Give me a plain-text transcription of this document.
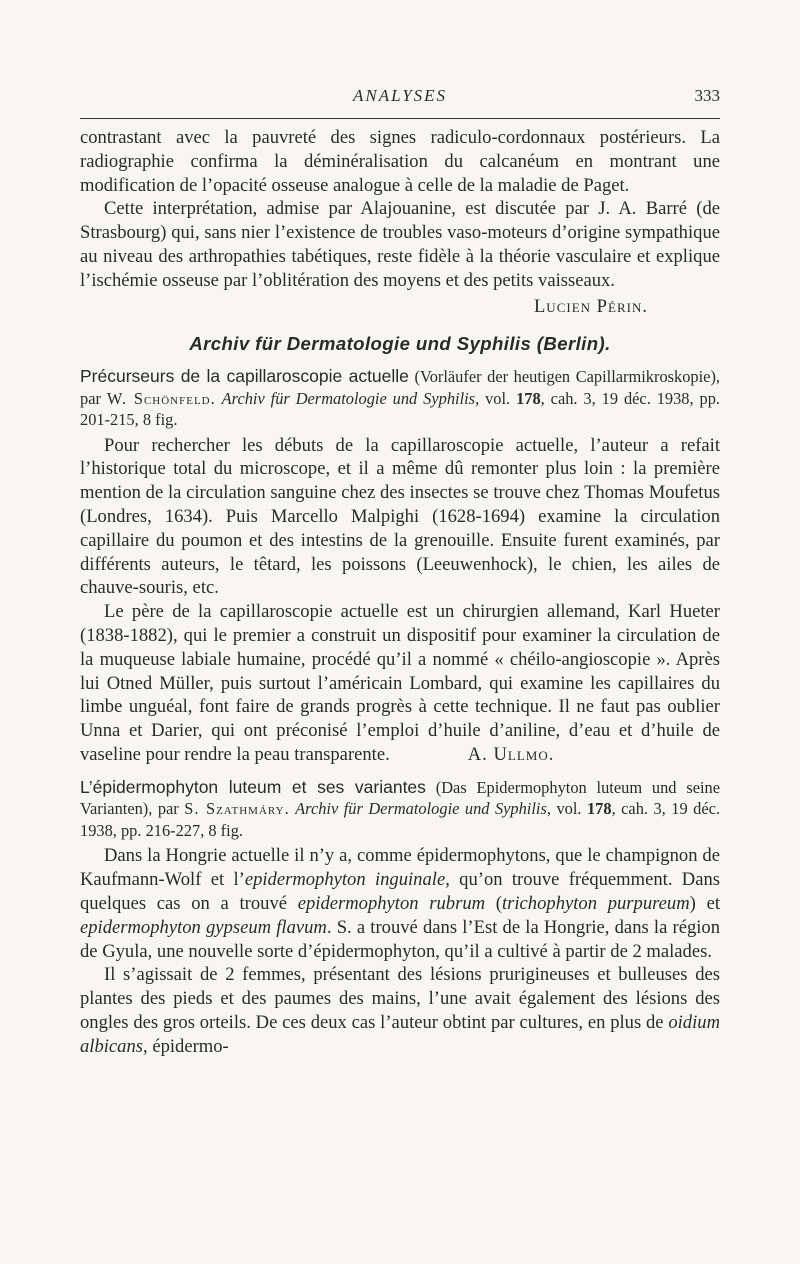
ANALYSES	333

contrastant avec la pauvreté des signes radiculo-cordonnaux postérieurs. La radiographie confirma la déminéralisation du calcanéum en montrant une modification de l’opacité osseuse analogue à celle de la maladie de Paget.

Cette interprétation, admise par Alajouanine, est discutée par J. A. Barré (de Strasbourg) qui, sans nier l’existence de troubles vaso-moteurs d’origine sympathique au niveau des arthropathies tabétiques, reste fidèle à la théorie vasculaire et explique l’ischémie osseuse par l’oblitération des moyens et des petits vaisseaux.

Lucien Périn.

Archiv für Dermatologie und Syphilis (Berlin).

Précurseurs de la capillaroscopie actuelle (Vorläufer der heutigen Capillarmikroskopie), par W. Schönfeld. Archiv für Dermatologie und Syphilis, vol. 178, cah. 3, 19 déc. 1938, pp. 201-215, 8 fig.

Pour rechercher les débuts de la capillaroscopie actuelle, l’auteur a refait l’historique total du microscope, et il a même dû remonter plus loin : la première mention de la circulation sanguine chez des insectes se trouve chez Thomas Moufetus (Londres, 1634). Puis Marcello Malpighi (1628-1694) examine la circulation capillaire du poumon et des intestins de la grenouille. Ensuite furent examinés, par différents auteurs, le têtard, les poissons (Leeuwenhock), le chien, les ailes de chauve-souris, etc.

Le père de la capillaroscopie actuelle est un chirurgien allemand, Karl Hueter (1838-1882), qui le premier a construit un dispositif pour examiner la circulation de la muqueuse labiale humaine, procédé qu’il a nommé « chéilo-angioscopie ». Après lui Otned Müller, puis surtout l’américain Lombard, qui examine les capillaires du limbe unguéal, font faire de grands progrès à cette technique. Il ne faut pas oublier Unna et Darier, qui ont préconisé l’emploi d’huile d’aniline, d’eau et d’huile de vaseline pour rendre la peau transparente.	A. Ullmo.

L’épidermophyton luteum et ses variantes (Das Epidermophyton luteum und seine Varianten), par S. Szathmáry. Archiv für Dermatologie und Syphilis, vol. 178, cah. 3, 19 déc. 1938, pp. 216-227, 8 fig.

Dans la Hongrie actuelle il n’y a, comme épidermophytons, que le champignon de Kaufmann-Wolf et l’epidermophyton inguinale, qu’on trouve fréquemment. Dans quelques cas on a trouvé epidermophyton rubrum (trichophyton purpureum) et epidermophyton gypseum flavum. S. a trouvé dans l’Est de la Hongrie, dans la région de Gyula, une nouvelle sorte d’épidermophyton, qu’il a cultivé à partir de 2 malades.

Il s’agissait de 2 femmes, présentant des lésions prurigineuses et bulleuses des plantes des pieds et des paumes des mains, l’une avait également des lésions des ongles des gros orteils. De ces deux cas l’auteur obtint par cultures, en plus de oidium albicans, épidermo-
